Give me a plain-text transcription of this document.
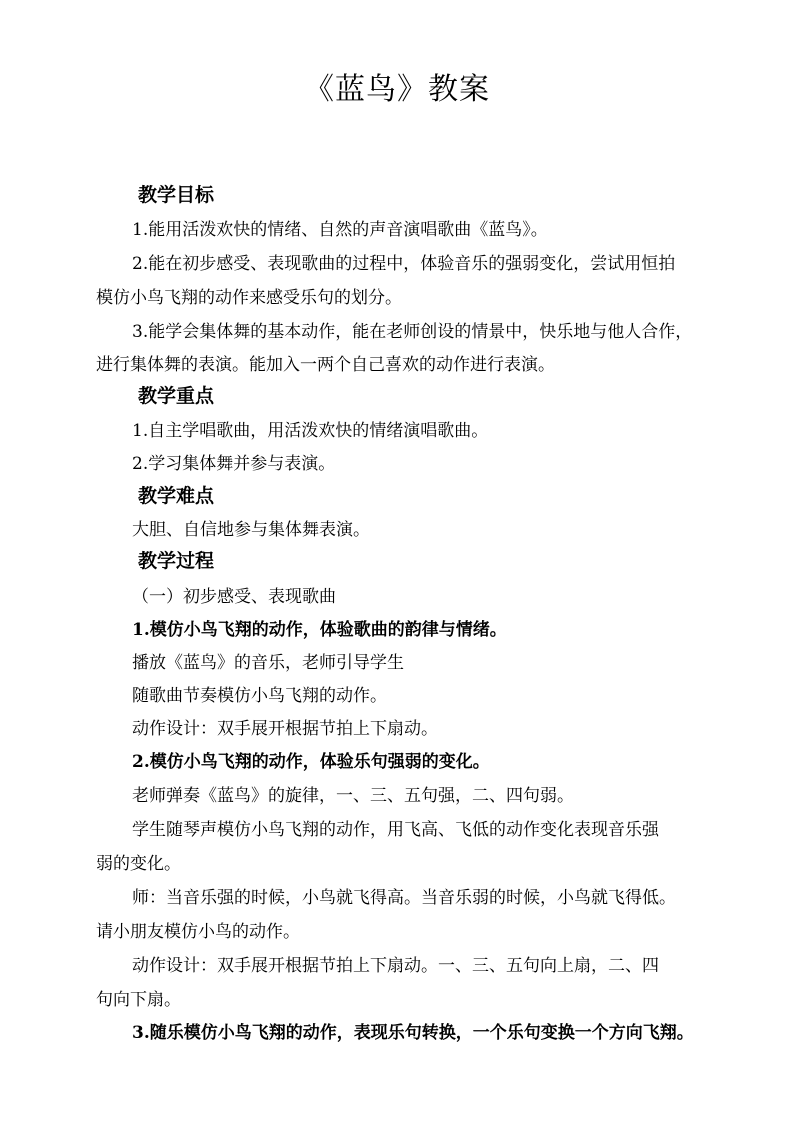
《蓝鸟》教案
教学目标
1.能用活泼欢快的情绪、自然的声音演唱歌曲《蓝鸟》。
2.能在初步感受、表现歌曲的过程中，体验音乐的强弱变化，尝试用恒拍
模仿小鸟飞翔的动作来感受乐句的划分。
3.能学会集体舞的基本动作，能在老师创设的情景中，快乐地与他人合作，
进行集体舞的表演。能加入一两个自己喜欢的动作进行表演。
教学重点
1.自主学唱歌曲，用活泼欢快的情绪演唱歌曲。
2.学习集体舞并参与表演。
教学难点
大胆、自信地参与集体舞表演。
教学过程
（一）初步感受、表现歌曲
1.模仿小鸟飞翔的动作，体验歌曲的韵律与情绪。
播放《蓝鸟》的音乐，老师引导学生
随歌曲节奏模仿小鸟飞翔的动作。
动作设计：双手展开根据节拍上下扇动。
2.模仿小鸟飞翔的动作，体验乐句强弱的变化。
老师弹奏《蓝鸟》的旋律，一、三、五句强，二、四句弱。
学生随琴声模仿小鸟飞翔的动作，用飞高、飞低的动作变化表现音乐强
弱的变化。
师：当音乐强的时候，小鸟就飞得高。当音乐弱的时候，小鸟就飞得低。
请小朋友模仿小鸟的动作。
动作设计：双手展开根据节拍上下扇动。一、三、五句向上扇，二、四
句向下扇。
3.随乐模仿小鸟飞翔的动作，表现乐句转换，一个乐句变换一个方向飞翔。
